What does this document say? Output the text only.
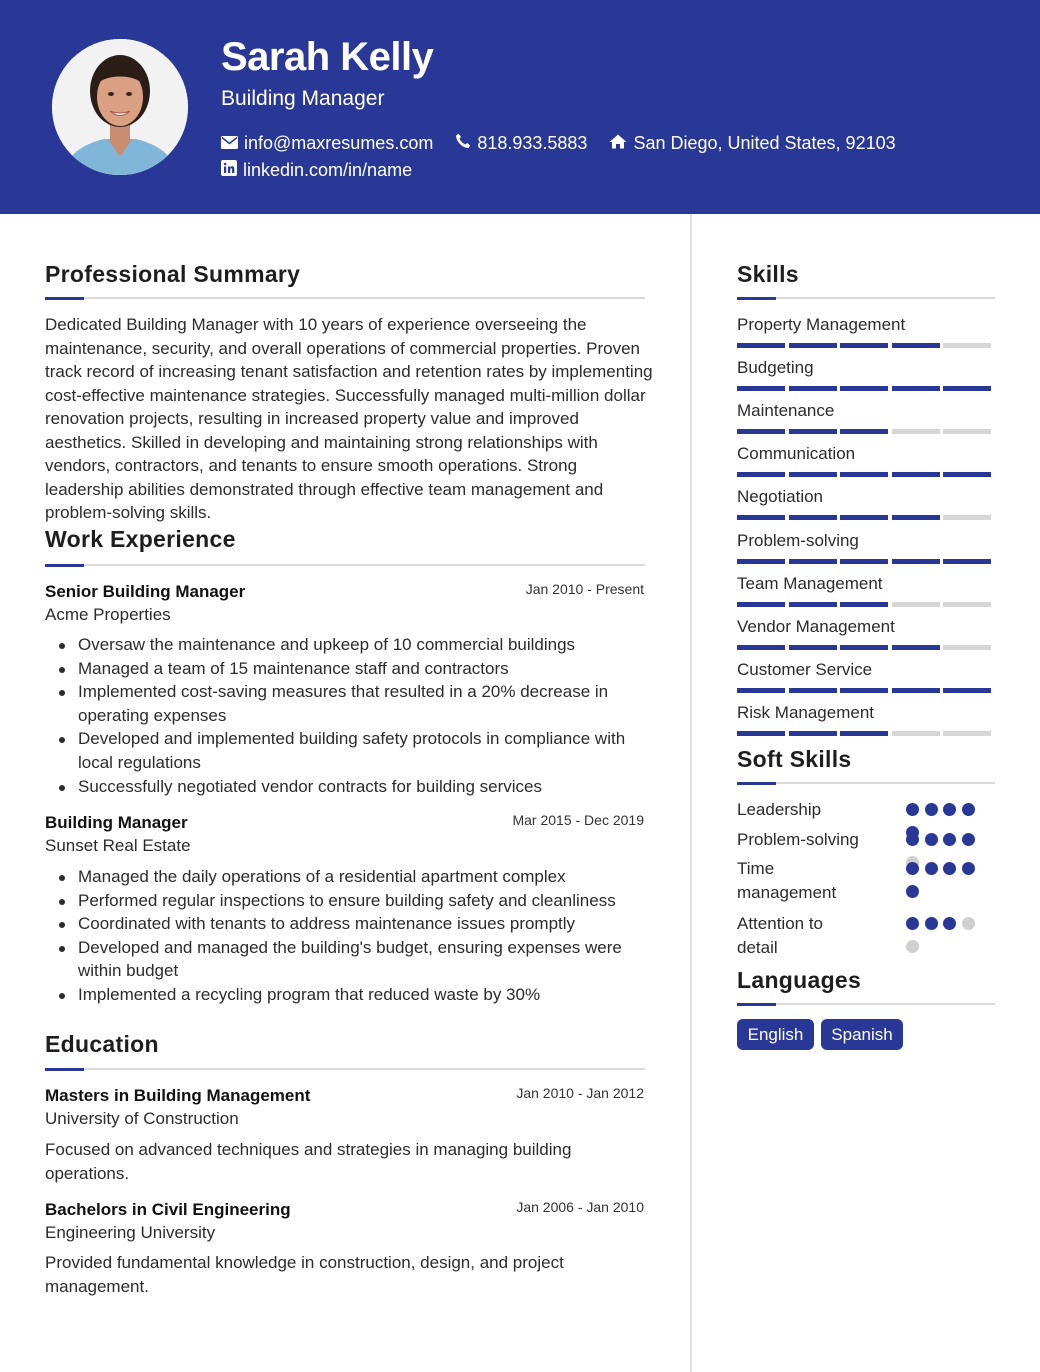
Sarah Kelly
Building Manager
info@maxresumes.com 818.933.5883	San Diego, United States, 92103
linkedin.com/in/name
Professional Summary
Dedicated Building Manager with 10 years of experience overseeing the maintenance, security, and overall operations of commercial properties. Proven track record of increasing tenant satisfaction and retention rates by implementing cost-effective maintenance strategies. Successfully managed multi-million dollar renovation projects, resulting in increased property value and improved aesthetics. Skilled in developing and maintaining strong relationships with vendors, contractors, and tenants to ensure smooth operations. Strong leadership abilities demonstrated through effective team management and problem-solving skills.
Work Experience
Senior Building Manager	Jan 2010 - Present
Acme Properties
Oversaw the maintenance and upkeep of 10 commercial buildings
Managed a team of 15 maintenance staff and contractors
Implemented cost-saving measures that resulted in a 20% decrease in operating expenses
Developed and implemented building safety protocols in compliance with local regulations
Successfully negotiated vendor contracts for building services
Building Manager	Mar 2015 - Dec 2019
Sunset Real Estate
Managed the daily operations of a residential apartment complex
Performed regular inspections to ensure building safety and cleanliness
Coordinated with tenants to address maintenance issues promptly
Developed and managed the building's budget, ensuring expenses were within budget
Implemented a recycling program that reduced waste by 30%
Education
Masters in Building Management	Jan 2010 - Jan 2012
University of Construction
Focused on advanced techniques and strategies in managing building operations.
Bachelors in Civil Engineering	Jan 2006 - Jan 2010
Engineering University
Provided fundamental knowledge in construction, design, and project management.
Skills
Property Management
Budgeting
Maintenance
Communication
Negotiation
Problem-solving
Team Management
Vendor Management
Customer Service
Risk Management
Soft Skills
Leadership
Problem-solving
Time management
Attention to detail
Languages
English	Spanish
